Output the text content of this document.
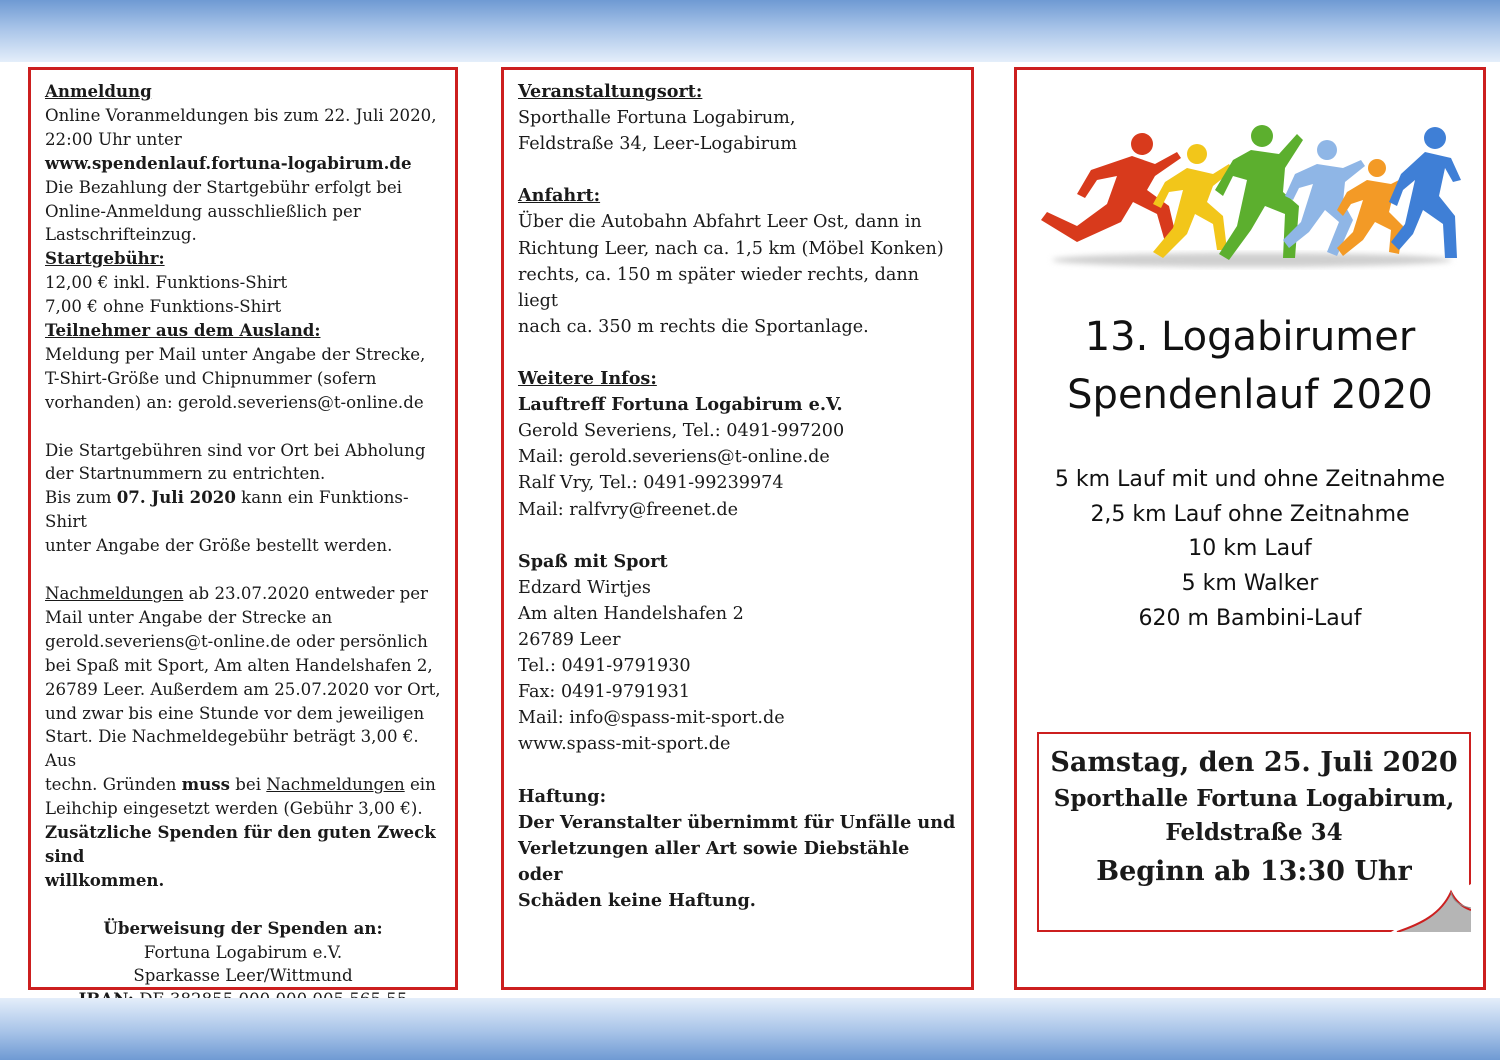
Anmeldung
Online Voranmeldungen bis zum 22. Juli 2020,
22:00 Uhr unter
www.spendenlauf.fortuna-logabirum.de
Die Bezahlung der Startgebühr erfolgt bei
Online-Anmeldung ausschließlich per
Lastschrifteinzug.
Startgebühr:
12,00 € inkl. Funktions-Shirt
7,00 € ohne Funktions-Shirt
Teilnehmer aus dem Ausland:
Meldung per Mail unter Angabe der Strecke,
T-Shirt-Größe und Chipnummer (sofern
vorhanden) an: gerold.severiens@t-online.de
Die Startgebühren sind vor Ort bei Abholung
der Startnummern zu entrichten.
Bis zum 07. Juli 2020 kann ein Funktions-Shirt
unter Angabe der Größe bestellt werden.
Nachmeldungen ab 23.07.2020 entweder per
Mail unter Angabe der Strecke an
gerold.severiens@t-online.de oder persönlich
bei Spaß mit Sport, Am alten Handelshafen 2,
26789 Leer. Außerdem am 25.07.2020 vor Ort,
und zwar bis eine Stunde vor dem jeweiligen
Start. Die Nachmeldegebühr beträgt 3,00 €. Aus
techn. Gründen muss bei Nachmeldungen ein
Leihchip eingesetzt werden (Gebühr 3,00 €).
Zusätzliche Spenden für den guten Zweck sind
willkommen.
Überweisung der Spenden an:
Fortuna Logabirum e.V.
Sparkasse Leer/Wittmund
Veranstaltungsort:
Sporthalle Fortuna Logabirum,
Feldstraße 34, Leer-Logabirum
Anfahrt:
Über die Autobahn Abfahrt Leer Ost, dann in
Richtung Leer, nach ca. 1,5 km (Möbel Konken)
rechts, ca. 150 m später wieder rechts, dann liegt
nach ca. 350 m rechts die Sportanlage.
Weitere Infos:
Lauftreff Fortuna Logabirum e.V.
Gerold Severiens, Tel.: 0491-997200
Mail: gerold.severiens@t-online.de
Ralf Vry, Tel.: 0491-99239974
Mail: ralfvry@freenet.de
Spaß mit Sport
Edzard Wirtjes
Am alten Handelshafen 2
26789 Leer
Tel.: 0491-9791930
Fax: 0491-9791931
Mail: info@spass-mit-sport.de
www.spass-mit-sport.de
Haftung:
Der Veranstalter übernimmt für Unfälle und
Verletzungen aller Art sowie Diebstähle oder
Schäden keine Haftung.
13. Logabirumer
Spendenlauf 2020
5 km Lauf mit und ohne Zeitnahme
2,5 km Lauf ohne Zeitnahme
10 km Lauf
5 km Walker
620 m Bambini-Lauf
Samstag, den 25. Juli 2020
Sporthalle Fortuna Logabirum,
Feldstraße 34
Beginn ab 13:30 Uhr
